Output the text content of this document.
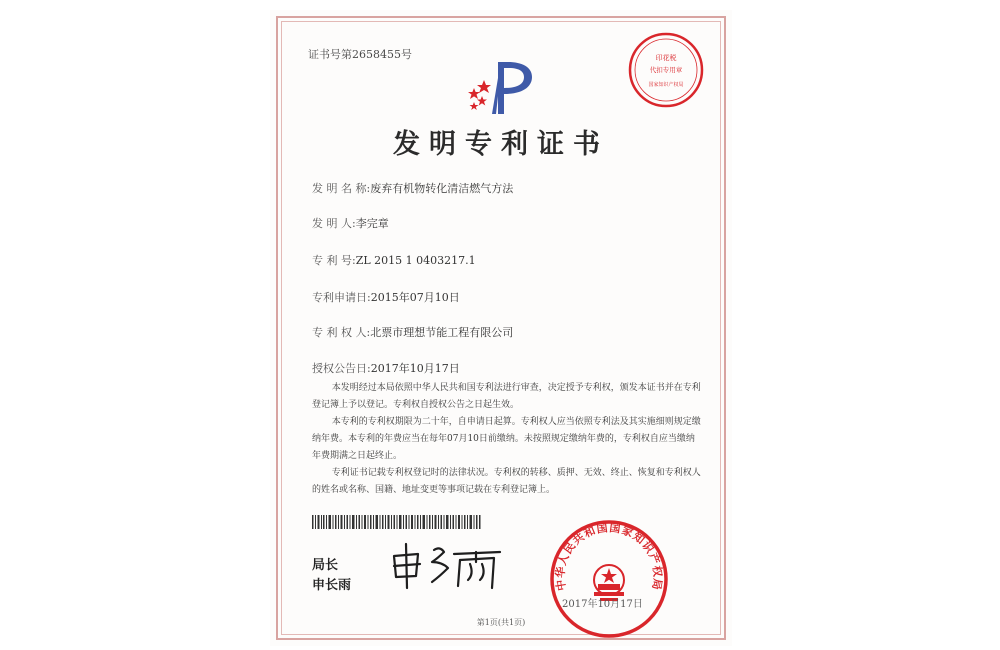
证书号第2658455号	印花税
代扣专用章
国家知识产权局
发明专利证书
发 明 名 称:废弃有机物转化清洁燃气方法
发 明 人:李完章
专 利 号:ZL 2015 1 0403217.1
专利申请日:2015年07月10日
专 利 权 人:北票市理想节能工程有限公司
授权公告日:2017年10月17日

本发明经过本局依照中华人民共和国专利法进行审查，决定授予专利权，颁发本证书并在专利登记簿上予以登记。专利权自授权公告之日起生效。

本专利的专利权期限为二十年，自申请日起算。专利权人应当依照专利法及其实施细则规定缴纳年费。本专利的年费应当在每年07月10日前缴纳。未按照规定缴纳年费的，专利权自应当缴纳年费期满之日起终止。

专利证书记载专利权登记时的法律状况。专利权的转移、质押、无效、终止、恢复和专利权人的姓名或名称、国籍、地址变更等事项记载在专利登记簿上。

局长
申长雨	中华人民共和国国家知识产权局
2017年10月17日
第1页(共1页)
